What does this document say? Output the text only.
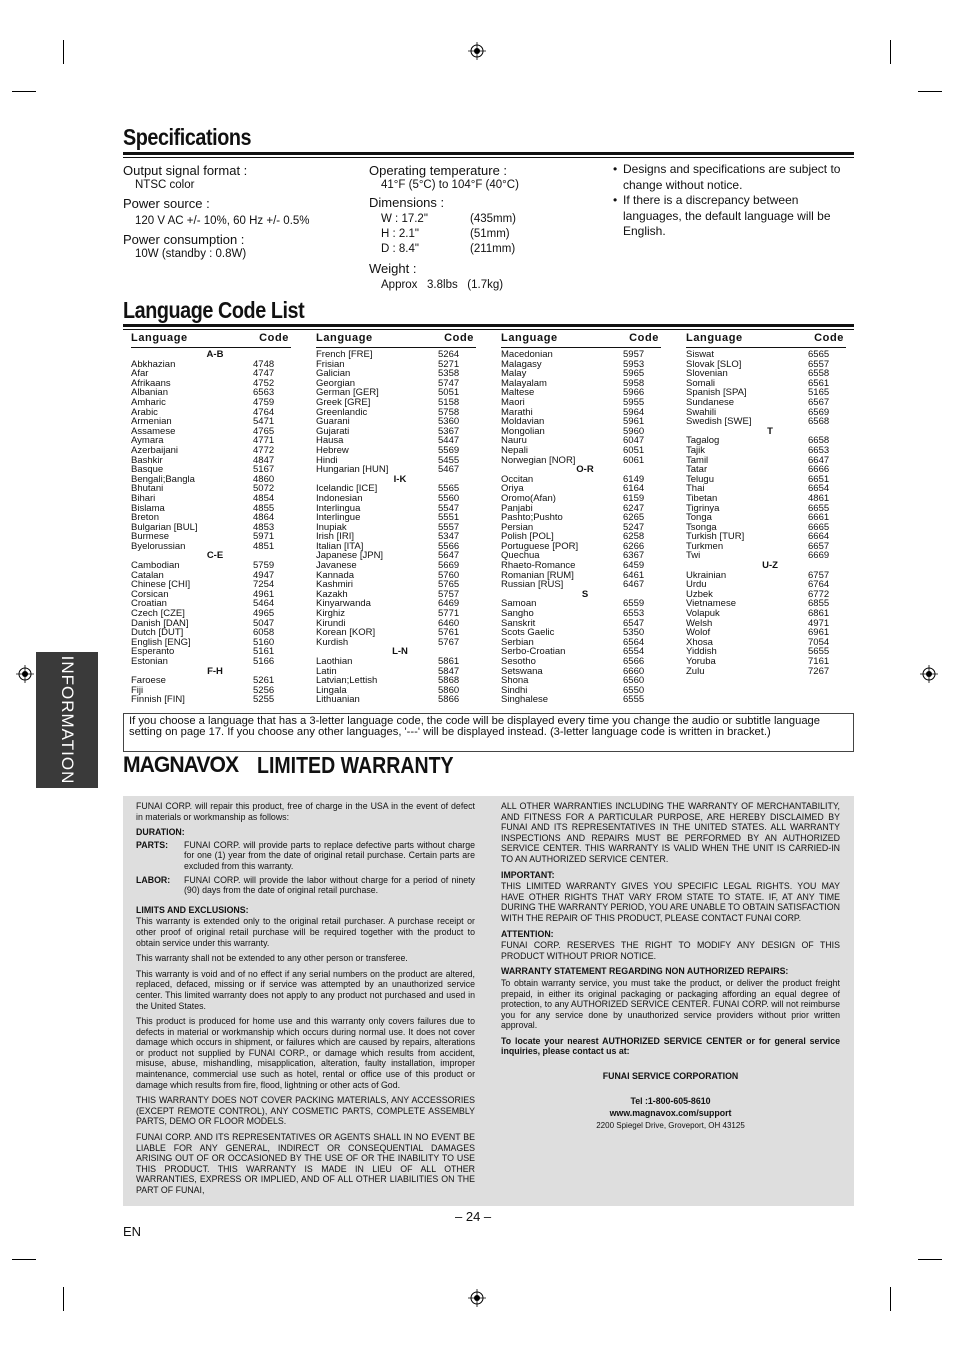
Specifications
Output signal format :
NTSC color
Power source :
120 V AC +/- 10%, 60 Hz +/- 0.5%
Power consumption :
10W (standby : 0.8W)
Operating temperature :
41°F (5°C) to 104°F (40°C)
Dimensions :
W : 17.2"	(435mm)
H : 2.1"	(51mm)
D : 8.4"	(211mm)
Weight :
Approx   3.8lbs   (1.7kg)

• Designs and specifications are subject to change without notice.

• If there is a discrepancy between languages, the default language will be English.

Language Code List
Language	Code
A-B
Abkhazian	4748
Afar	4747
Afrikaans	4752
Albanian	6563
Amharic	4759
Arabic	4764
Armenian	5471
Assamese	4765
Aymara	4771
Azerbaijani	4772
Bashkir	4847
Basque	5167
Bengali;Bangla	4860
Bhutani	5072
Bihari	4854
Bislama	4855
Breton	4864
Bulgarian [BUL]	4853
Burmese	5971
Byelorussian	4851
C-E
Cambodian	5759
Catalan	4947
Chinese [CHI]	7254
Corsican	4961
Croatian	5464
Czech [CZE]	4965
Danish [DAN]	5047
Dutch [DUT]	6058
English [ENG]	5160
Esperanto	5161
Estonian	5166
F-H
Faroese	5261
Fiji	5256
Finnish [FIN]	5255
Language	Code
French [FRE]	5264
Frisian	5271
Galician	5358
Georgian	5747
German [GER]	5051
Greek [GRE]	5158
Greenlandic	5758
Guarani	5360
Gujarati	5367
Hausa	5447
Hebrew	5569
Hindi	5455
Hungarian [HUN]	5467
I-K
Icelandic [ICE]	5565
Indonesian	5560
Interlingua	5547
Interlingue	5551
Inupiak	5557
Irish [IRI]	5347
Italian [ITA]	5566
Japanese [JPN]	5647
Javanese	5669
Kannada	5760
Kashmiri	5765
Kazakh	5757
Kinyarwanda	6469
Kirghiz	5771
Kirundi	6460
Korean [KOR]	5761
Kurdish	5767
L-N
Laothian	5861
Latin	5847
Latvian;Lettish	5868
Lingala	5860
Lithuanian	5866
Language	Code
Macedonian	5957
Malagasy	5953
Malay	5965
Malayalam	5958
Maltese	5966
Maori	5955
Marathi	5964
Moldavian	5961
Mongolian	5960
Nauru	6047
Nepali	6051
Norwegian [NOR]	6061
O-R
Occitan	6149
Oriya	6164
Oromo(Afan)	6159
Panjabi	6247
Pashto;Pushto	6265
Persian	5247
Polish [POL]	6258
Portuguese [POR]	6266
Quechua	6367
Rhaeto-Romance	6459
Romanian [RUM]	6461
Russian [RUS]	6467
S
Samoan	6559
Sangho	6553
Sanskrit	6547
Scots Gaelic	5350
Serbian	6564
Serbo-Croatian	6554
Sesotho	6566
Setswana	6660
Shona	6560
Sindhi	6550
Singhalese	6555
Language	Code
Siswat	6565
Slovak [SLO]	6557
Slovenian	6558
Somali	6561
Spanish [SPA]	5165
Sundanese	6567
Swahili	6569
Swedish [SWE]	6568
T
Tagalog	6658
Tajik	6653
Tamil	6647
Tatar	6666
Telugu	6651
Thai	6654
Tibetan	4861
Tigrinya	6655
Tonga	6661
Tsonga	6665
Turkish [TUR]	6664
Turkmen	6657
Twi	6669
U-Z
Ukrainian	6757
Urdu	6764
Uzbek	6772
Vietnamese	6855
Volapuk	6861
Welsh	4971
Wolof	6961
Xhosa	7054
Yiddish	5655
Yoruba	7161
Zulu	7267
If you choose a language that has a 3-letter language code, the code will be displayed every time you change the audio or subtitle language setting on page 17. If you choose any other languages, '---' will be displayed instead. (3-letter language code is written in bracket.)
MAGNAVOX LIMITED WARRANTY

FUNAI CORP. will repair this product, free of charge in the USA in the event of defect in materials or workmanship as follows:

DURATION:

PARTS:	FUNAI CORP. will provide parts to replace defective parts without charge for one (1) year from the date of original retail purchase. Certain parts are excluded from this warranty.
LABOR:	FUNAI CORP. will provide the labor without charge for a period of ninety (90) days from the date of original retail purchase.

LIMITS AND EXCLUSIONS:

This warranty is extended only to the original retail purchaser. A purchase receipt or other proof of original retail purchase will be required together with the product to obtain service under this warranty.

This warranty shall not be extended to any other person or transferee.

This warranty is void and of no effect if any serial numbers on the product are altered, replaced, defaced, missing or if service was attempted by an unauthorized service center. This limited warranty does not apply to any product not purchased and used in the United States.

This product is produced for home use and this warranty only covers failures due to defects in material or workmanship which occurs during normal use. It does not cover damage which occurs in shipment, or failures which are caused by repairs, alterations or product not supplied by FUNAI CORP., or damage which results from accident, misuse, abuse, mishandling, misapplication, alteration, faulty installation, improper maintenance, commercial use such as hotel, rental or office use of this product or damage which results from fire, flood, lightning or other acts of God.

THIS WARRANTY DOES NOT COVER PACKING MATERIALS, ANY ACCESSORIES (EXCEPT REMOTE CONTROL), ANY COSMETIC PARTS, COMPLETE ASSEMBLY PARTS, DEMO OR FLOOR MODELS.

FUNAI CORP. AND ITS REPRESENTATIVES OR AGENTS SHALL IN NO EVENT BE LIABLE FOR ANY GENERAL, INDIRECT OR CONSEQUENTIAL DAMAGES ARISING OUT OF OR OCCASIONED BY THE USE OF OR THE INABILITY TO USE THIS PRODUCT. THIS WARRANTY IS MADE IN LIEU OF ALL OTHER WARRANTIES, EXPRESS OR IMPLIED, AND OF ALL OTHER LIABILITIES ON THE PART OF FUNAI,

ALL OTHER WARRANTIES INCLUDING THE WARRANTY OF MERCHANTABILITY, AND FITNESS FOR A PARTICULAR PURPOSE, ARE HEREBY DISCLAIMED BY FUNAI AND ITS REPRESENTATIVES IN THE UNITED STATES. ALL WARRANTY INSPECTIONS AND REPAIRS MUST BE PERFORMED BY AN AUTHORIZED SERVICE CENTER. THIS WARRANTY IS VALID WHEN THE UNIT IS CARRIED-IN TO AN AUTHORIZED SERVICE CENTER.

IMPORTANT:

THIS LIMITED WARRANTY GIVES YOU SPECIFIC LEGAL RIGHTS. YOU MAY HAVE OTHER RIGHTS THAT VARY FROM STATE TO STATE. IF, AT ANY TIME DURING THE WARRANTY PERIOD, YOU ARE UNABLE TO OBTAIN SATISFACTION WITH THE REPAIR OF THIS PRODUCT, PLEASE CONTACT FUNAI CORP.

ATTENTION:

FUNAI CORP. RESERVES THE RIGHT TO MODIFY ANY DESIGN OF THIS PRODUCT WITHOUT PRIOR NOTICE.

WARRANTY STATEMENT REGARDING NON AUTHORIZED REPAIRS:

To obtain warranty service, you must take the product, or deliver the product freight prepaid, in either its original packaging or packaging affording an equal degree of protection, to any AUTHORIZED SERVICE CENTER. FUNAI CORP. will not reimburse you for any service done by unauthorized service providers without prior written approval.

To locate your nearest AUTHORIZED SERVICE CENTER or for general service inquiries, please contact us at:

FUNAI SERVICE CORPORATION

Tel :1-800-605-8610

www.magnavox.com/support

2200 Spiegel Drive, Groveport, OH 43125

INFORMATION
– 24 –
EN
